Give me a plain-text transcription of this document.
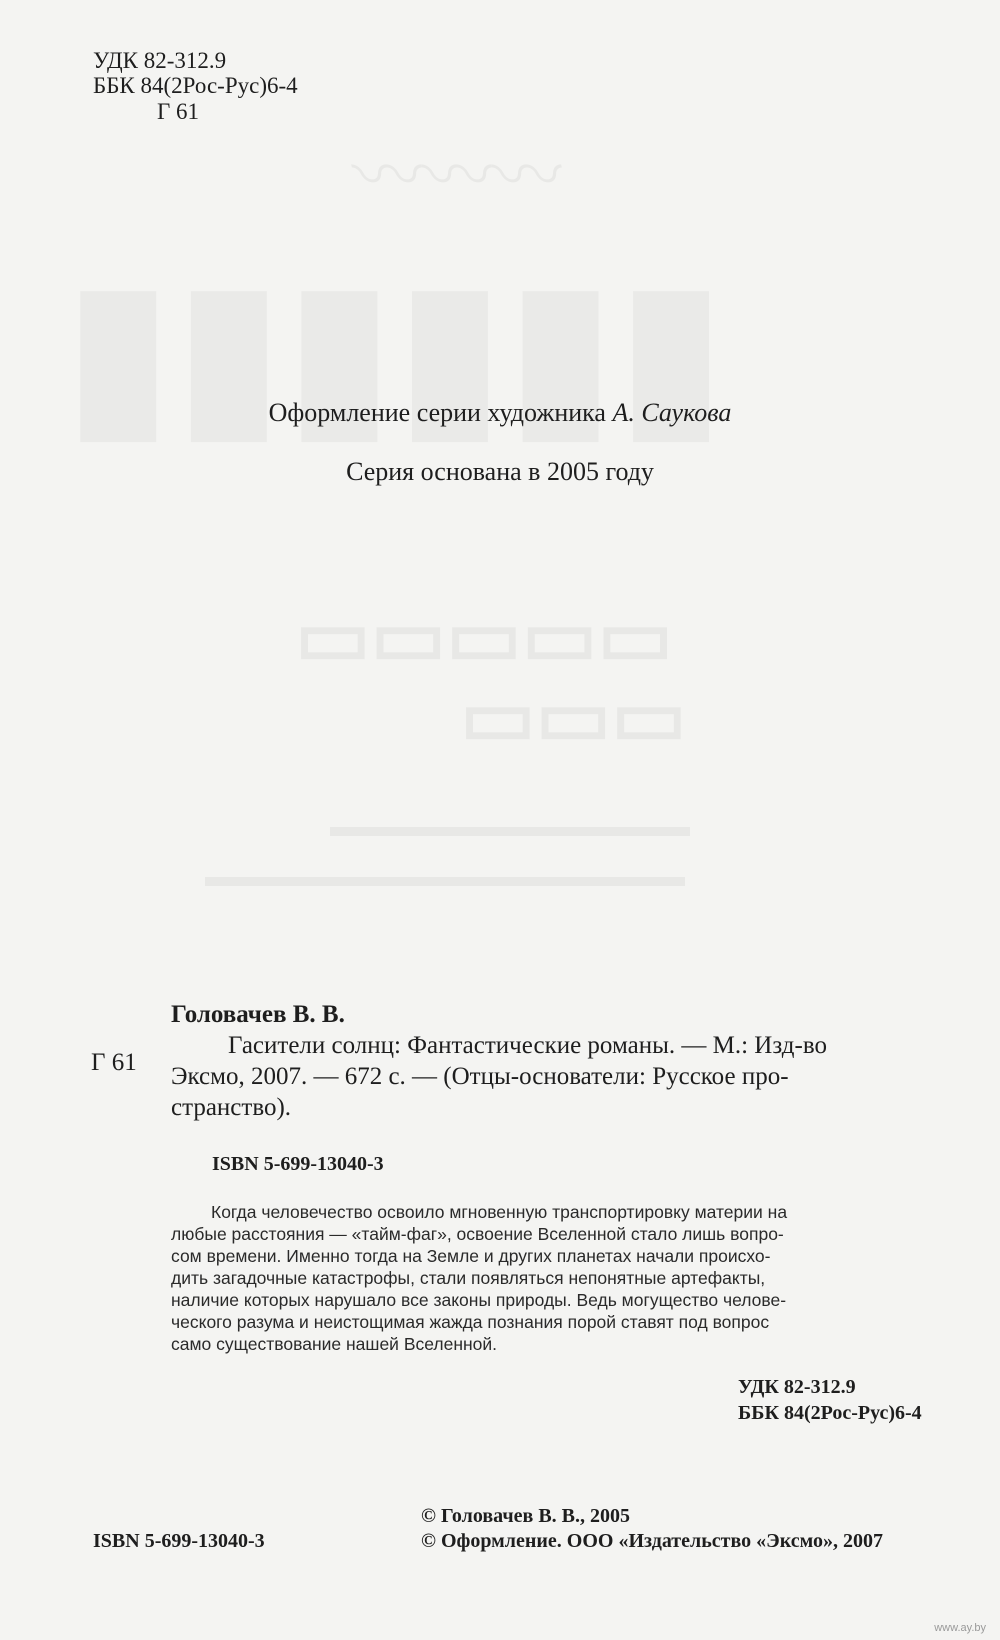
УДК 82-312.9
ББК 84(2Рос-Рус)6-4
Г 61
Оформление серии художника А. Саукова
Серия основана в 2005 году
Головачев В. В.
Г 61
Гасители солнц: Фантастические романы. — М.: Изд-во
Эксмо, 2007. — 672 с. — (Отцы-основатели: Русское про-
странство).
ISBN 5-699-13040-3
Когда человечество освоило мгновенную транспортировку материи на
любые расстояния — «тайм-фаг», освоение Вселенной стало лишь вопро-
сом времени. Именно тогда на Земле и других планетах начали происхо-
дить загадочные катастрофы, стали появляться непонятные артефакты,
наличие которых нарушало все законы природы. Ведь могущество челове-
ческого разума и неистощимая жажда познания порой ставят под вопрос
само существование нашей Вселенной.
УДК 82-312.9
ББК 84(2Рос-Рус)6-4
© Головачев В. В., 2005
ISBN 5-699-13040-3	© Оформление. ООО «Издательство «Эксмо», 2007
www.ay.by
